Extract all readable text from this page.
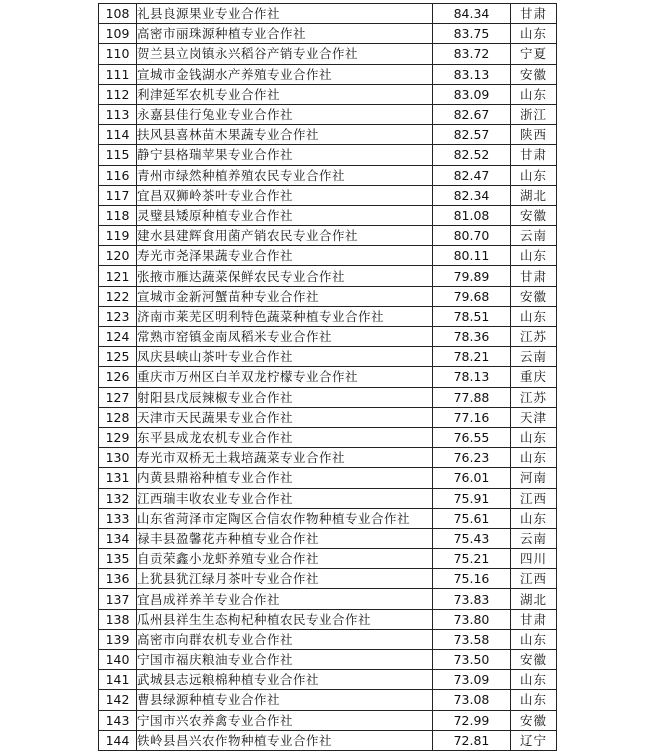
108	礼县良源果业专业合作社	84.34	甘肃
109	高密市丽珠源种植专业合作社	83.75	山东
110	贺兰县立岗镇永兴稻谷产销专业合作社	83.72	宁夏
111	宣城市金钱湖水产养殖专业合作社	83.13	安徽
112	利津延军农机专业合作社	83.09	山东
113	永嘉县佳行兔业专业合作社	82.67	浙江
114	扶风县喜林苗木果蔬专业合作社	82.57	陕西
115	静宁县格瑞苹果专业合作社	82.52	甘肃
116	青州市绿然种植养殖农民专业合作社	82.47	山东
117	宜昌双狮岭茶叶专业合作社	82.34	湖北
118	灵璧县矮原种植专业合作社	81.08	安徽
119	建水县建辉食用菌产销农民专业合作社	80.70	云南
120	寿光市尧泽果蔬专业合作社	80.11	山东
121	张掖市雁达蔬菜保鲜农民专业合作社	79.89	甘肃
122	宣城市金新河蟹苗种专业合作社	79.68	安徽
123	济南市莱芜区明利特色蔬菜种植专业合作社	78.51	山东
124	常熟市窑镇金南凤稻米专业合作社	78.36	江苏
125	凤庆县峡山茶叶专业合作社	78.21	云南
126	重庆市万州区白羊双龙柠檬专业合作社	78.13	重庆
127	射阳县戊辰辣椒专业合作社	77.88	江苏
128	天津市天民蔬果专业合作社	77.16	天津
129	东平县成龙农机专业合作社	76.55	山东
130	寿光市双桥无土栽培蔬菜专业合作社	76.23	山东
131	内黄县鼎裕种植专业合作社	76.01	河南
132	江西瑞丰收农业专业合作社	75.91	江西
133	山东省菏泽市定陶区合信农作物种植专业合作社	75.61	山东
134	禄丰县盈馨花卉种植专业合作社	75.43	云南
135	自贡荣鑫小龙虾养殖专业合作社	75.21	四川
136	上犹县犹江绿月茶叶专业合作社	75.16	江西
137	宜昌成祥养羊专业合作社	73.83	湖北
138	瓜州县祥生生态枸杞种植农民专业合作社	73.80	甘肃
139	高密市向群农机专业合作社	73.58	山东
140	宁国市福庆粮油专业合作社	73.50	安徽
141	武城县志远粮棉种植专业合作社	73.09	山东
142	曹县绿源种植专业合作社	73.08	山东
143	宁国市兴农养禽专业合作社	72.99	安徽
144	铁岭县昌兴农作物种植专业合作社	72.81	辽宁
